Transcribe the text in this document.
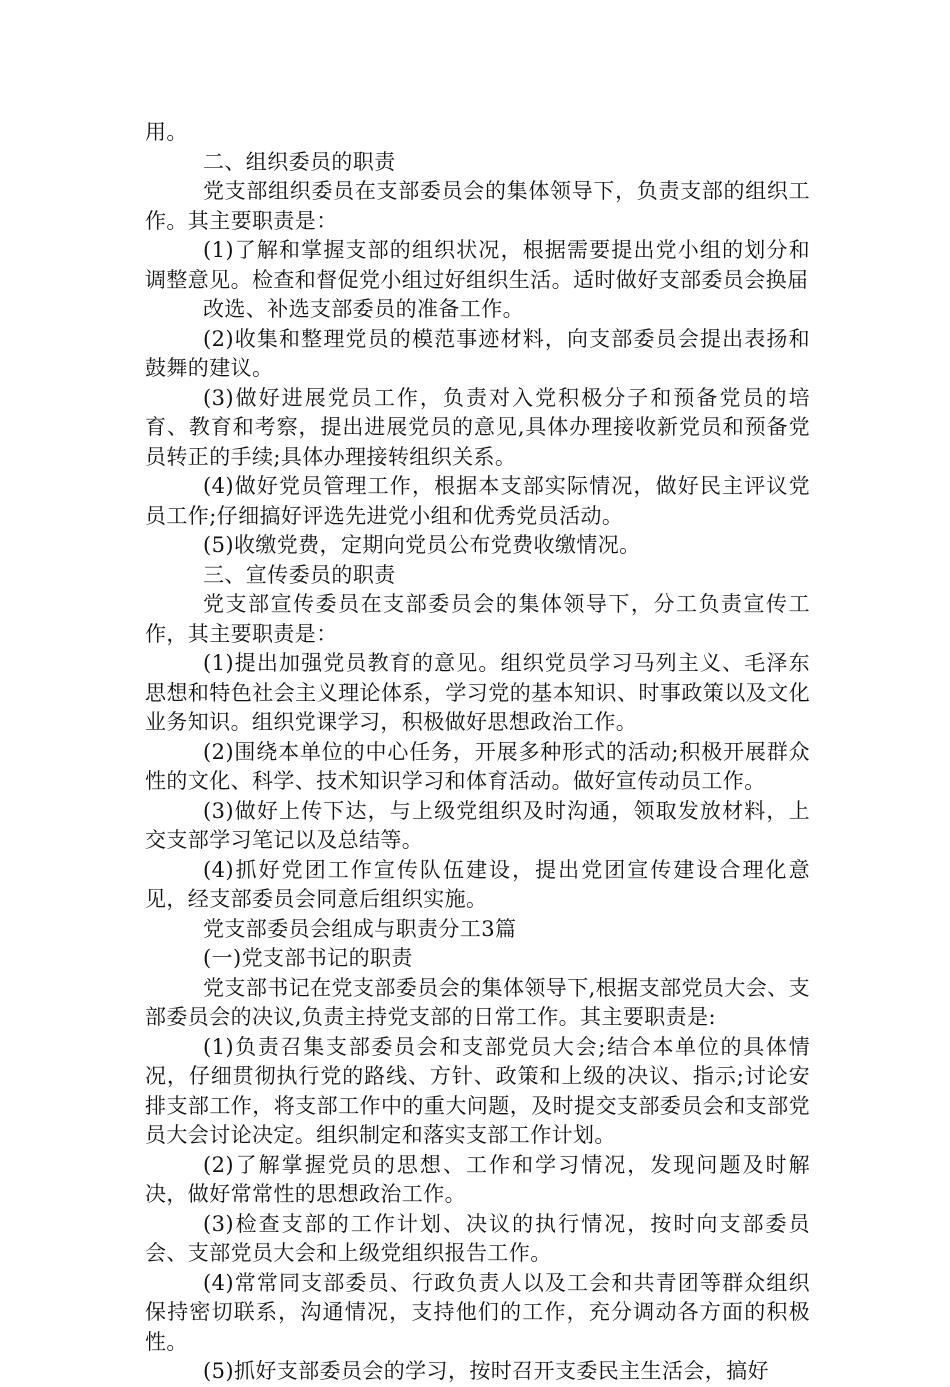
用。

二、组织委员的职责

党支部组织委员在支部委员会的集体领导下，负责支部的组织工作。其主要职责是：

(1)了解和掌握支部的组织状况，根据需要提出党小组的划分和调整意见。检查和督促党小组过好组织生活。适时做好支部委员会换届

改选、补选支部委员的准备工作。

(2)收集和整理党员的模范事迹材料，向支部委员会提出表扬和鼓舞的建议。

(3)做好进展党员工作，负责对入党积极分子和预备党员的培育、教育和考察，提出进展党员的意见,具体办理接收新党员和预备党员转正的手续;具体办理接转组织关系。

(4)做好党员管理工作，根据本支部实际情况，做好民主评议党员工作;仔细搞好评选先进党小组和优秀党员活动。

(5)收缴党费，定期向党员公布党费收缴情况。

三、宣传委员的职责

党支部宣传委员在支部委员会的集体领导下，分工负责宣传工作，其主要职责是：

(1)提出加强党员教育的意见。组织党员学习马列主义、毛泽东思想和特色社会主义理论体系，学习党的基本知识、时事政策以及文化业务知识。组织党课学习，积极做好思想政治工作。

(2)围绕本单位的中心任务，开展多种形式的活动;积极开展群众性的文化、科学、技术知识学习和体育活动。做好宣传动员工作。

(3)做好上传下达，与上级党组织及时沟通，领取发放材料，上交支部学习笔记以及总结等。

(4)抓好党团工作宣传队伍建设，提出党团宣传建设合理化意见，经支部委员会同意后组织实施。

党支部委员会组成与职责分工3篇

(一)党支部书记的职责

党支部书记在党支部委员会的集体领导下,根据支部党员大会、支部委员会的决议,负责主持党支部的日常工作。其主要职责是:

(1)负责召集支部委员会和支部党员大会;结合本单位的具体情况，仔细贯彻执行党的路线、方针、政策和上级的决议、指示;讨论安排支部工作，将支部工作中的重大问题，及时提交支部委员会和支部党员大会讨论决定。组织制定和落实支部工作计划。

(2)了解掌握党员的思想、工作和学习情况，发现问题及时解决，做好常常性的思想政治工作。

(3)检查支部的工作计划、决议的执行情况，按时向支部委员会、支部党员大会和上级党组织报告工作。

(4)常常同支部委员、行政负责人以及工会和共青团等群众组织保持密切联系，沟通情况，支持他们的工作，充分调动各方面的积极性。

(5)抓好支部委员会的学习，按时召开支委民主生活会，搞好
